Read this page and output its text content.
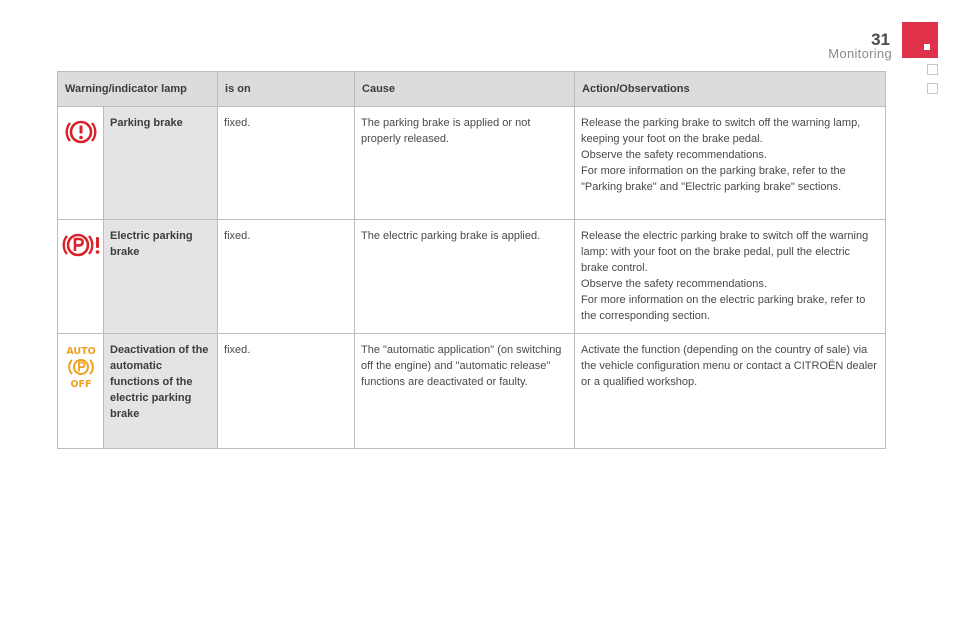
31
Monitoring
Warning/indicator lamp		is on	Cause	Action/Observations
	Parking brake	fixed.	The parking brake is applied or not properly released.	Release the parking brake to switch off the warning lamp, keeping your foot on the brake pedal.
Observe the safety recommendations.
For more information on the parking brake, refer to the "Parking brake" and "Electric parking brake" sections.

	Electric parking brake	fixed.	The electric parking brake is applied.	Release the electric parking brake to switch off the warning lamp: with your foot on the brake pedal, pull the electric brake control.
Observe the safety recommendations.
For more information on the electric parking brake, refer to the corresponding section.

AUTO
OFF	Deactivation of the automatic functions of the electric parking brake	fixed.	The "automatic application" (on switching off the engine) and "automatic release" functions are deactivated or faulty.	Activate the function (depending on the country of sale) via the vehicle configuration menu or contact a CITROËN dealer or a qualified workshop.
